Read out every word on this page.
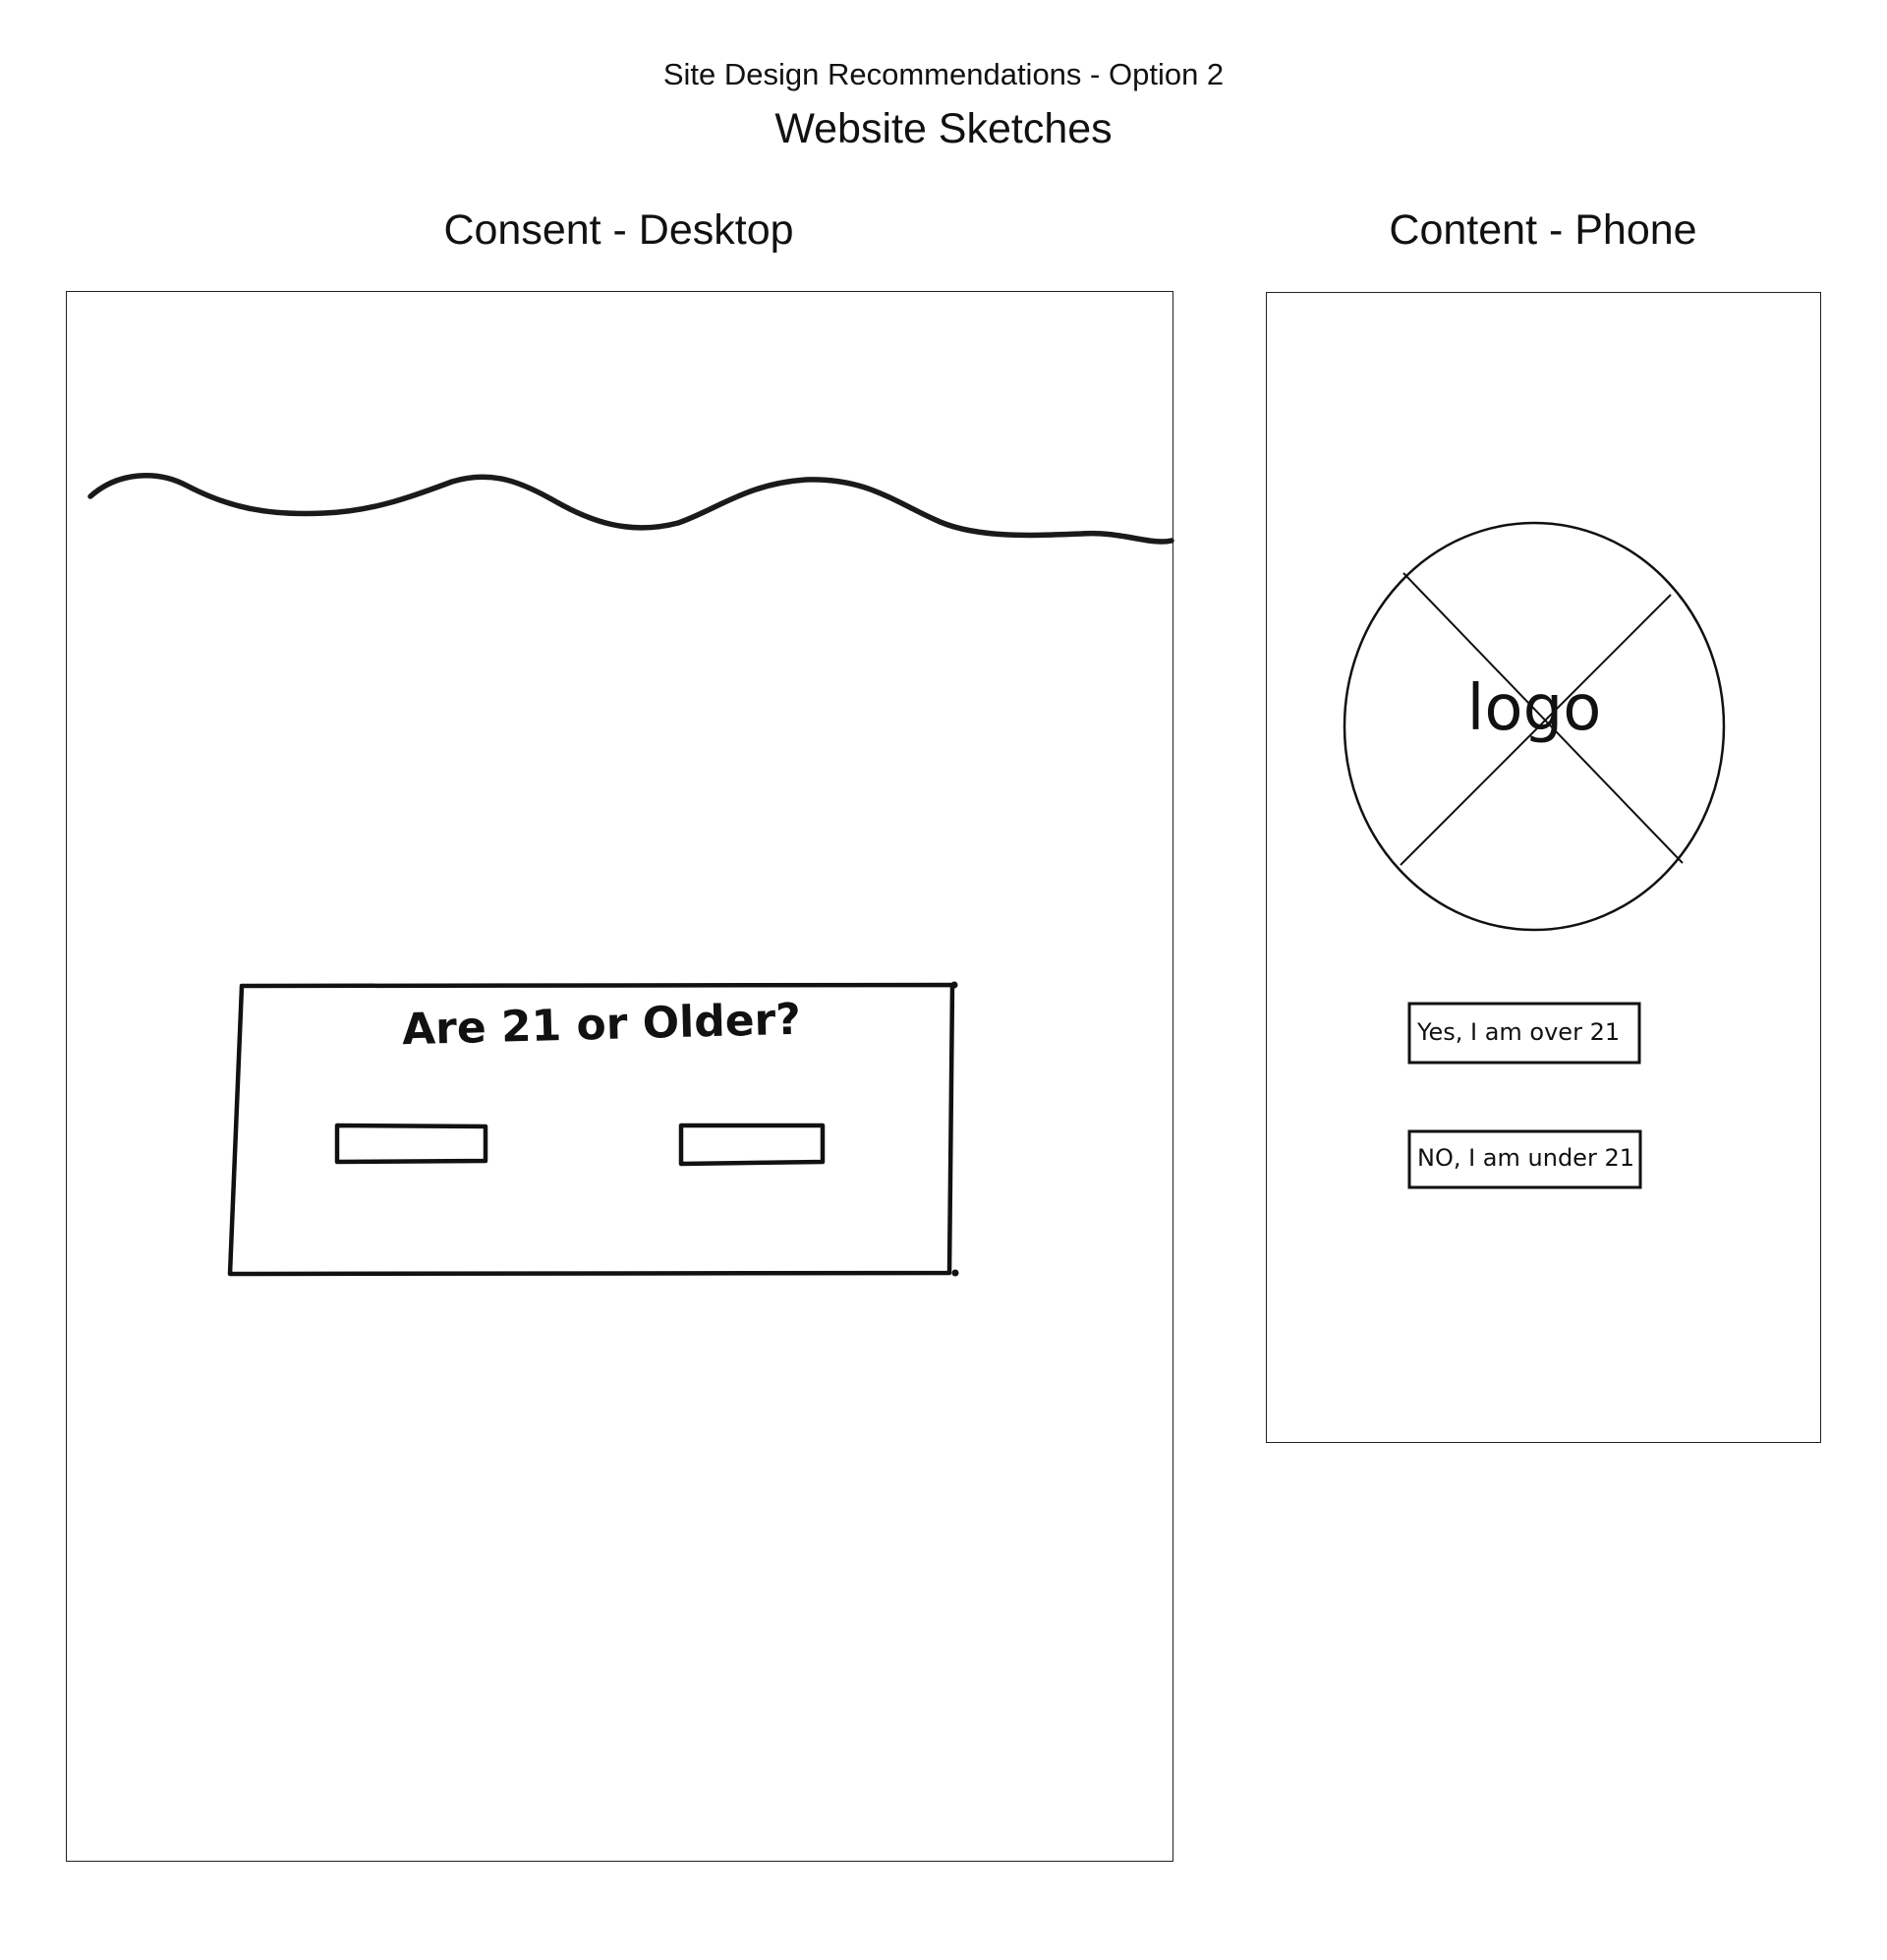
Site Design Recommendations - Option 2
Website Sketches
Consent - Desktop	Content - Phone
Are 21 or Older?
logo
Yes, I am over 21
NO, I am under 21
